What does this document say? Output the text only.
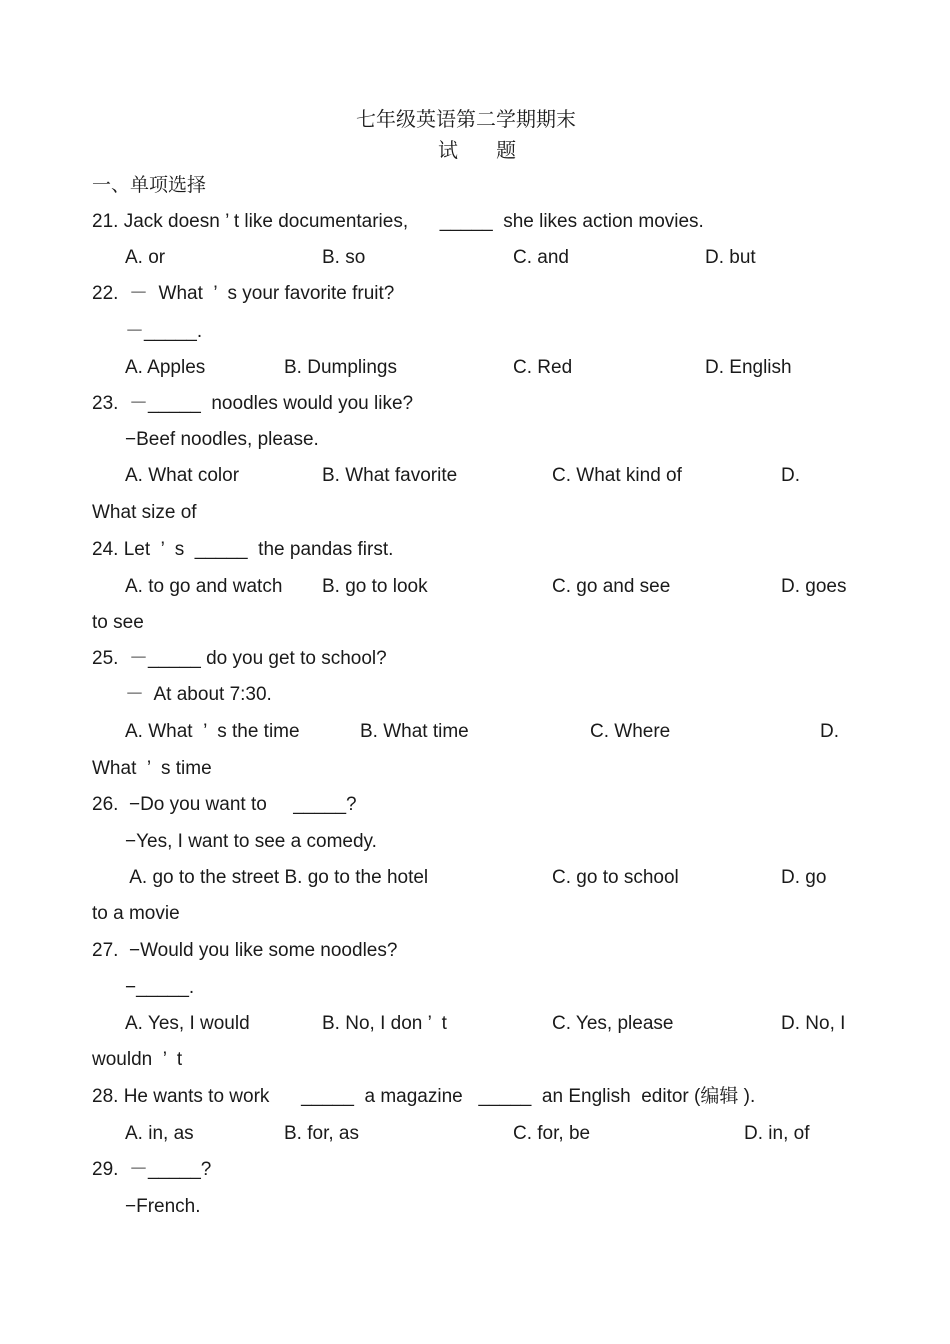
七年级英语第二学期期末
试      题
一、单项选择
21. Jack doesn ’ t like documentaries,      _____  she likes action movies.
A. or	B. so	C. and	D. but
22.  －  What  ’  s your favorite fruit?
－_____.
A. Apples	B. Dumplings	C. Red	D. English
23.  －_____  noodles would you like?
−Beef noodles, please.
A. What color	B. What favorite	C. What kind of	D.
What size of
24. Let  ’  s  _____  the pandas first.
A. to go and watch B. go to look	C. go and see	D. goes
to see
25.  －_____ do you get to school?
－  At about 7:30.
A. What  ’  s the time	B. What time	C. Where	D.
What  ’  s time
26.  −Do you want to     _____?
−Yes, I want to see a comedy.
A. go to the street B. go to the hotel	C. go to school	D. go
to a movie
27.  −Would you like some noodles?
−_____.
A. Yes, I would	B. No, I don ’  t	C. Yes, please	D. No, I
wouldn  ’  t
28. He wants to work      _____  a magazine   _____  an English  editor (编辑 ).
A. in, as	B. for, as	C. for, be	D. in, of
29.  －_____?
−French.
